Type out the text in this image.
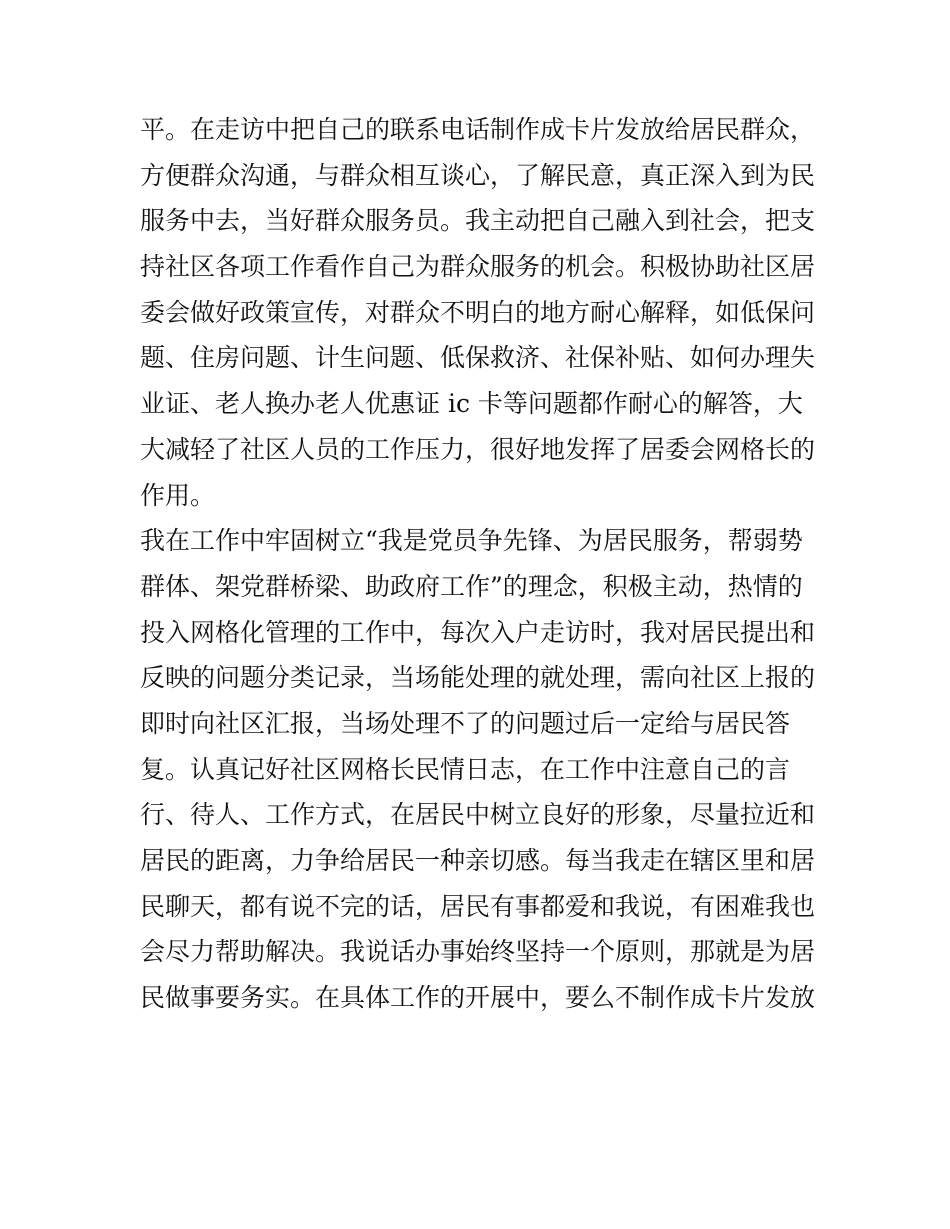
平。在走访中把自己的联系电话制作成卡片发放给居民群众，
方便群众沟通，与群众相互谈心，了解民意，真正深入到为民
服务中去，当好群众服务员。我主动把自己融入到社会，把支
持社区各项工作看作自己为群众服务的机会。积极协助社区居
委会做好政策宣传，对群众不明白的地方耐心解释，如低保问
题、住房问题、计生问题、低保救济、社保补贴、如何办理失
业证、老人换办老人优惠证 ic 卡等问题都作耐心的解答，大
大减轻了社区人员的工作压力，很好地发挥了居委会网格长的
作用。
我在工作中牢固树立“我是党员争先锋、为居民服务，帮弱势
群体、架党群桥梁、助政府工作”的理念，积极主动，热情的
投入网格化管理的工作中，每次入户走访时，我对居民提出和
反映的问题分类记录，当场能处理的就处理，需向社区上报的
即时向社区汇报，当场处理不了的问题过后一定给与居民答
复。认真记好社区网格长民情日志，在工作中注意自己的言
行、待人、工作方式，在居民中树立良好的形象，尽量拉近和
居民的距离，力争给居民一种亲切感。每当我走在辖区里和居
民聊天，都有说不完的话，居民有事都爱和我说，有困难我也
会尽力帮助解决。我说话办事始终坚持一个原则，那就是为居
民做事要务实。在具体工作的开展中，要么不制作成卡片发放
